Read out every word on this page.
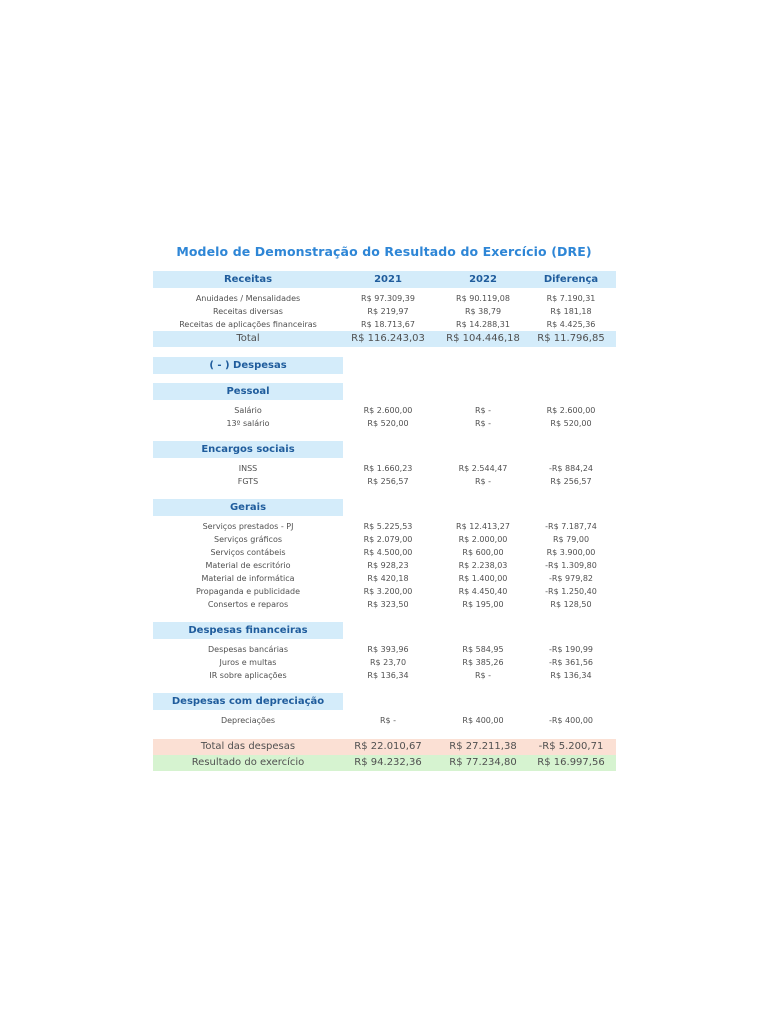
Modelo de Demonstração do Resultado do Exercício (DRE)
Receitas	2021	2022	Diferença
Anuidades / Mensalidades	R$ 97.309,39	R$ 90.119,08	R$ 7.190,31
Receitas diversas	R$ 219,97	R$ 38,79	R$ 181,18
Receitas de aplicações financeiras	R$ 18.713,67	R$ 14.288,31	R$ 4.425,36
Total	R$ 116.243,03	R$ 104.446,18	R$ 11.796,85
( - ) Despesas
Pessoal
Salário	R$ 2.600,00	R$ -	R$ 2.600,00
13º salário	R$ 520,00	R$ -	R$ 520,00
Encargos sociais
INSS	R$ 1.660,23	R$ 2.544,47	-R$ 884,24
FGTS	R$ 256,57	R$ -	R$ 256,57
Gerais
Serviços prestados - PJ	R$ 5.225,53	R$ 12.413,27	-R$ 7.187,74
Serviços gráficos	R$ 2.079,00	R$ 2.000,00	R$ 79,00
Serviços contábeis	R$ 4.500,00	R$ 600,00	R$ 3.900,00
Material de escritório	R$ 928,23	R$ 2.238,03	-R$ 1.309,80
Material de informática	R$ 420,18	R$ 1.400,00	-R$ 979,82
Propaganda e publicidade	R$ 3.200,00	R$ 4.450,40	-R$ 1.250,40
Consertos e reparos	R$ 323,50	R$ 195,00	R$ 128,50
Despesas financeiras
Despesas bancárias	R$ 393,96	R$ 584,95	-R$ 190,99
Juros e multas	R$ 23,70	R$ 385,26	-R$ 361,56
IR sobre aplicações	R$ 136,34	R$ -	R$ 136,34
Despesas com depreciação
Depreciações	R$ -	R$ 400,00	-R$ 400,00
Total das despesas	R$ 22.010,67	R$ 27.211,38	-R$ 5.200,71
Resultado do exercício	R$ 94.232,36	R$ 77.234,80	R$ 16.997,56
